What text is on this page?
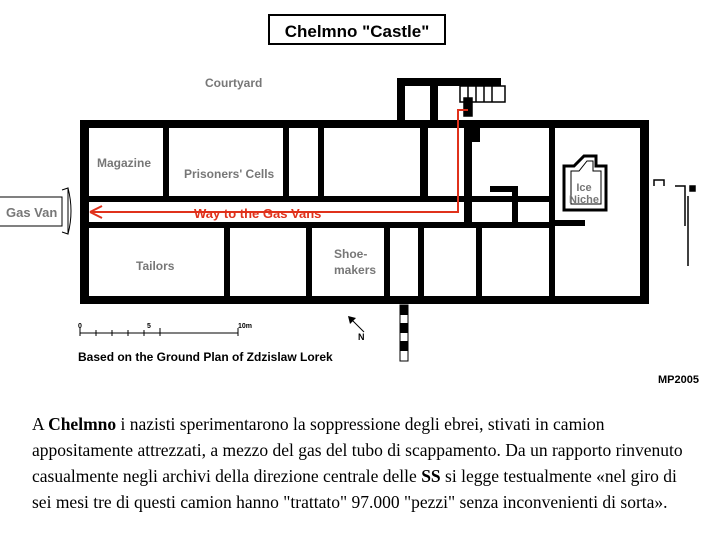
Chelmno "Castle"
Courtyard
Ice
Niche
Magazine
Prisoners' Cells
Tailors
Shoe-
makers
Gas Van	Way to the Gas Vans
0	5	10m
N
Based on the Ground Plan of Zdzislaw Lorek
MP2005

A Chelmno i nazisti sperimentarono la soppressione degli ebrei, stivati in camion appositamente attrezzati, a mezzo del gas del tubo di scappamento. Da un rapporto rinvenuto casualmente negli archivi della direzione centrale delle SS si legge testualmente «nel giro di sei mesi tre di questi camion hanno "trattato" 97.000 "pezzi" senza inconvenienti di sorta».
